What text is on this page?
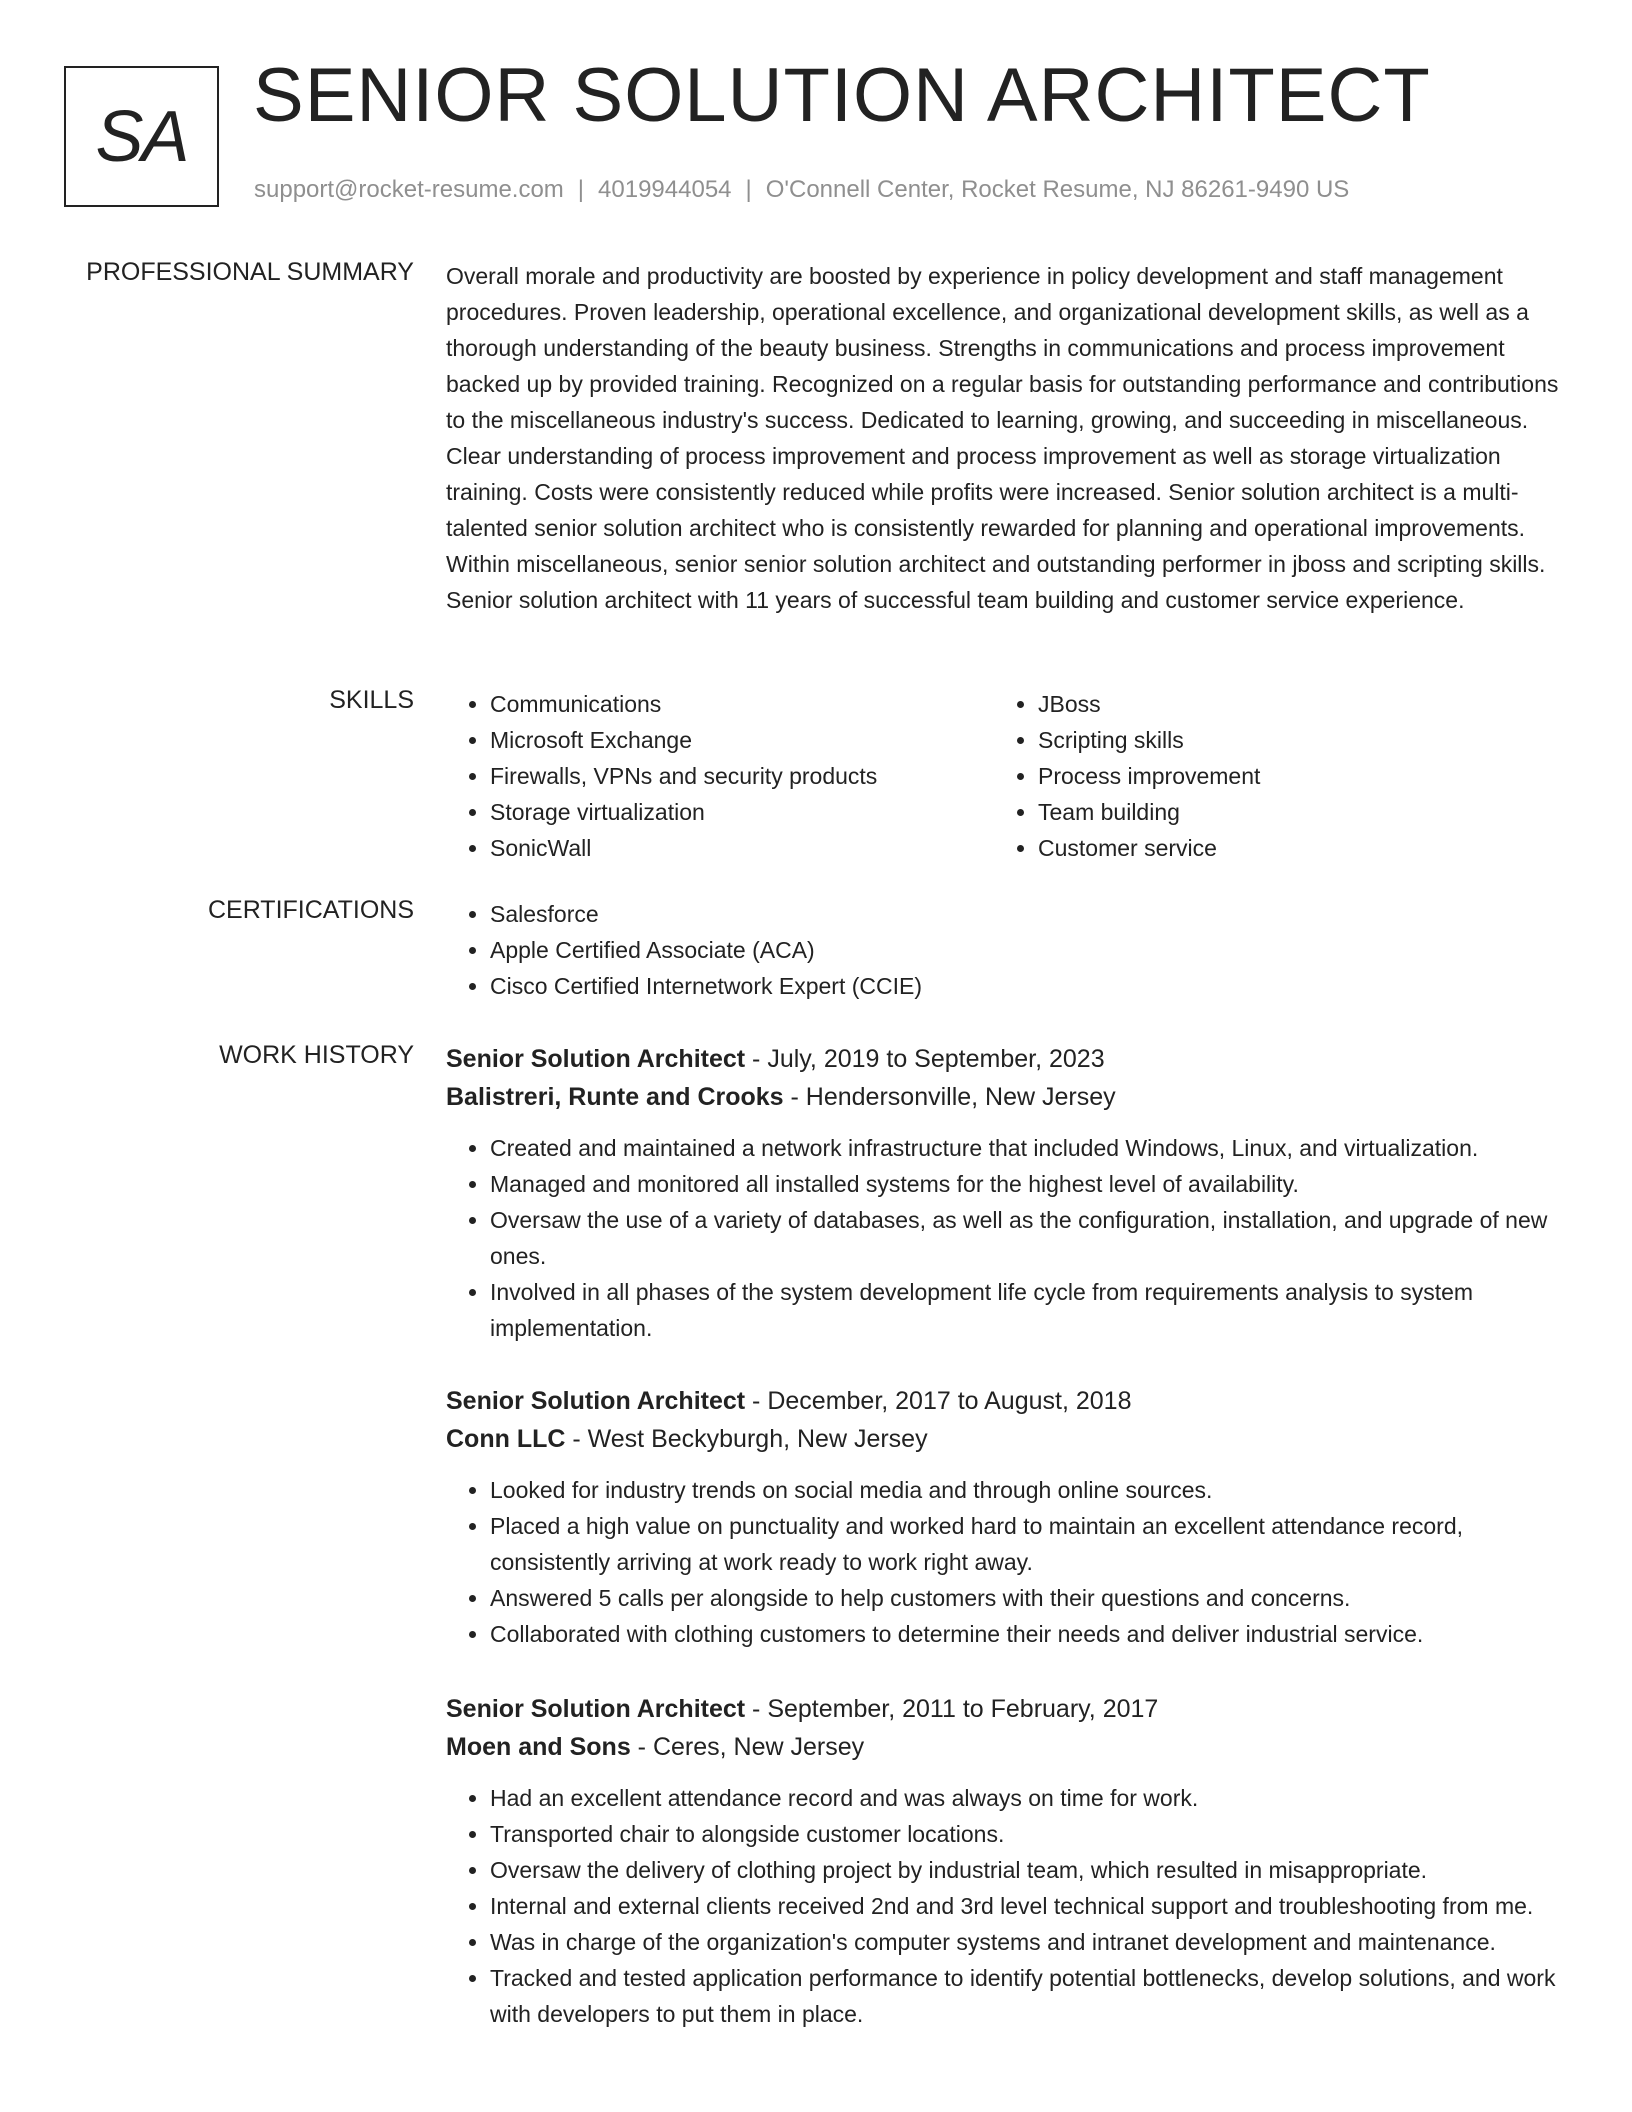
SA SENIOR SOLUTION ARCHITECT
support@rocket-resume.com | 4019944054 | O'Connell Center, Rocket Resume, NJ 86261-9490 US
PROFESSIONAL SUMMARY Overall morale and productivity are boosted by experience in policy development and staff management procedures. Proven leadership, operational excellence, and organizational development skills, as well as a thorough understanding of the beauty business. Strengths in communications and process improvement backed up by provided training. Recognized on a regular basis for outstanding performance and contributions to the miscellaneous industry's success. Dedicated to learning, growing, and succeeding in miscellaneous. Clear understanding of process improvement and process improvement as well as storage virtualization training. Costs were consistently reduced while profits were increased. Senior solution architect is a multi-talented senior solution architect who is consistently rewarded for planning and operational improvements. Within miscellaneous, senior senior solution architect and outstanding performer in jboss and scripting skills. Senior solution architect with 11 years of successful team building and customer service experience.

SKILLS	• Communications
• Microsoft Exchange
• Firewalls, VPNs and security products
• Storage virtualization
• SonicWall
• JBoss
• Scripting skills
• Process improvement
• Team building
• Customer service
CERTIFICATIONS	• Salesforce
• Apple Certified Associate (ACA)
• Cisco Certified Internetwork Expert (CCIE)
WORK HISTORY Senior Solution Architect - July, 2019 to September, 2023
Balistreri, Runte and Crooks - Hendersonville, New Jersey
• Created and maintained a network infrastructure that included Windows, Linux, and virtualization.
• Managed and monitored all installed systems for the highest level of availability.
• Oversaw the use of a variety of databases, as well as the configuration, installation, and upgrade of new ones.
• Involved in all phases of the system development life cycle from requirements analysis to system implementation.
Senior Solution Architect - December, 2017 to August, 2018
Conn LLC - West Beckyburgh, New Jersey
• Looked for industry trends on social media and through online sources.
• Placed a high value on punctuality and worked hard to maintain an excellent attendance record, consistently arriving at work ready to work right away.
• Answered 5 calls per alongside to help customers with their questions and concerns.
• Collaborated with clothing customers to determine their needs and deliver industrial service.
Senior Solution Architect - September, 2011 to February, 2017
Moen and Sons - Ceres, New Jersey
• Had an excellent attendance record and was always on time for work.
• Transported chair to alongside customer locations.
• Oversaw the delivery of clothing project by industrial team, which resulted in misappropriate.
• Internal and external clients received 2nd and 3rd level technical support and troubleshooting from me.
• Was in charge of the organization's computer systems and intranet development and maintenance.
• Tracked and tested application performance to identify potential bottlenecks, develop solutions, and work with developers to put them in place.
